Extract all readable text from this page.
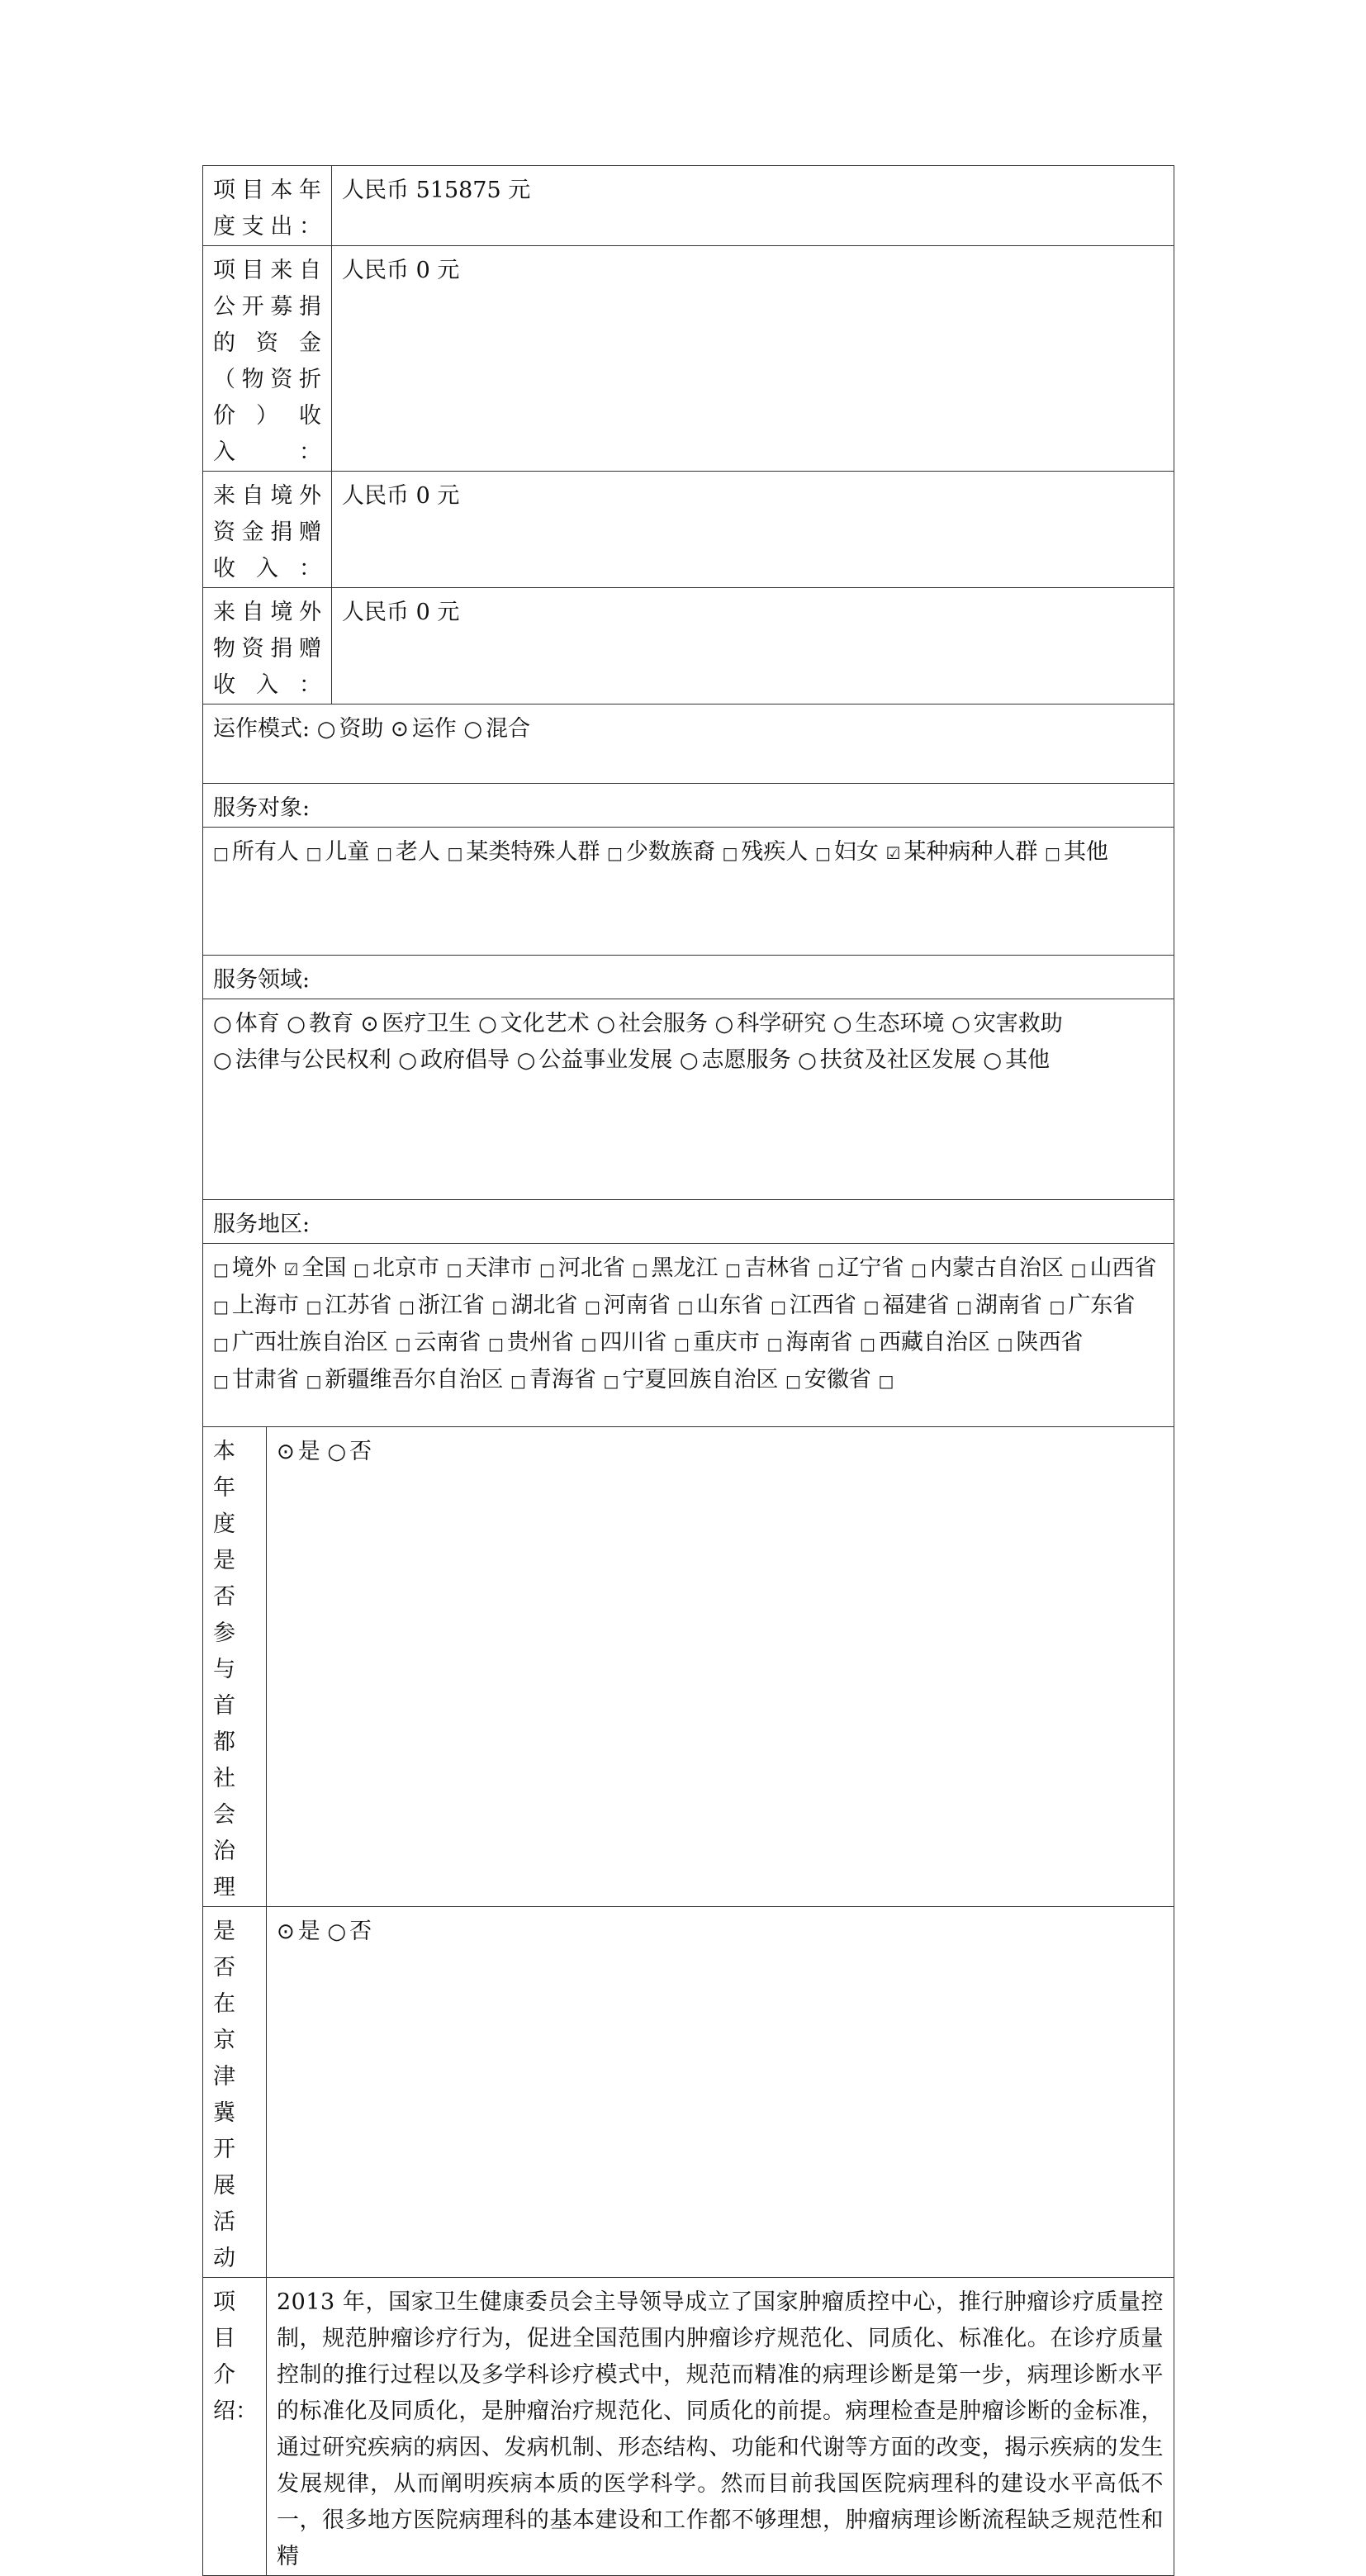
项目本年度支出：		人民币 515875 元
项目来自公开募捐的资金（物资折价）收入：		人民币 0 元
来自境外资金捐赠收入：		人民币 0 元
来自境外物资捐赠收入：		人民币 0 元
运作模式: ○ 资助 ⊙ 运作 ○ 混合		
服务对象:		
□ 所有人 □ 儿童 □ 老人 □ 某类特殊人群 □ 少数族裔 □ 残疾人 □ 妇女 ☑ 某种病种人群 □ 其他		
服务领域:		
○ 体育 ○ 教育 ⊙ 医疗卫生 ○ 文化艺术 ○ 社会服务 ○ 科学研究 ○ 生态环境 ○ 灾害救助 ○ 法律与公民权利 ○ 政府倡导 ○ 公益事业发展 ○ 志愿服务 ○ 扶贫及社区发展 ○ 其他		
服务地区:		
□ 境外 ☑ 全国 □ 北京市 □ 天津市 □ 河北省 □ 黑龙江 □ 吉林省 □ 辽宁省 □ 内蒙古自治区 □ 山西省 □ 上海市 □ 江苏省 □ 浙江省 □ 湖北省 □ 河南省 □ 山东省 □ 江西省 □ 福建省 □ 湖南省 □ 广东省 □ 广西壮族自治区 □ 云南省 □ 贵州省 □ 四川省 □ 重庆市 □ 海南省 □ 西藏自治区 □ 陕西省 □ 甘肃省 □ 新疆维吾尔自治区 □ 青海省 □ 宁夏回族自治区 □ 安徽省 □		
本年度是否参与首都社会治理	⊙ 是 ○ 否	
是否在京津冀开展活动	⊙ 是 ○ 否	
项目介绍：	2013 年，国家卫生健康委员会主导领导成立了国家肿瘤质控中心，推行肿瘤诊疗质量控制，规范肿瘤诊疗行为，促进全国范围内肿瘤诊疗规范化、同质化、标准化。在诊疗质量控制的推行过程以及多学科诊疗模式中，规范而精准的病理诊断是第一步，病理诊断水平的标准化及同质化，是肿瘤治疗规范化、同质化的前提。病理检查是肿瘤诊断的金标准，通过研究疾病的病因、发病机制、形态结构、功能和代谢等方面的改变，揭示疾病的发生发展规律，从而阐明疾病本质的医学科学。然而目前我国医院病理科的建设水平高低不一，很多地方医院病理科的基本建设和工作都不够理想，肿瘤病理诊断流程缺乏规范性和精	
